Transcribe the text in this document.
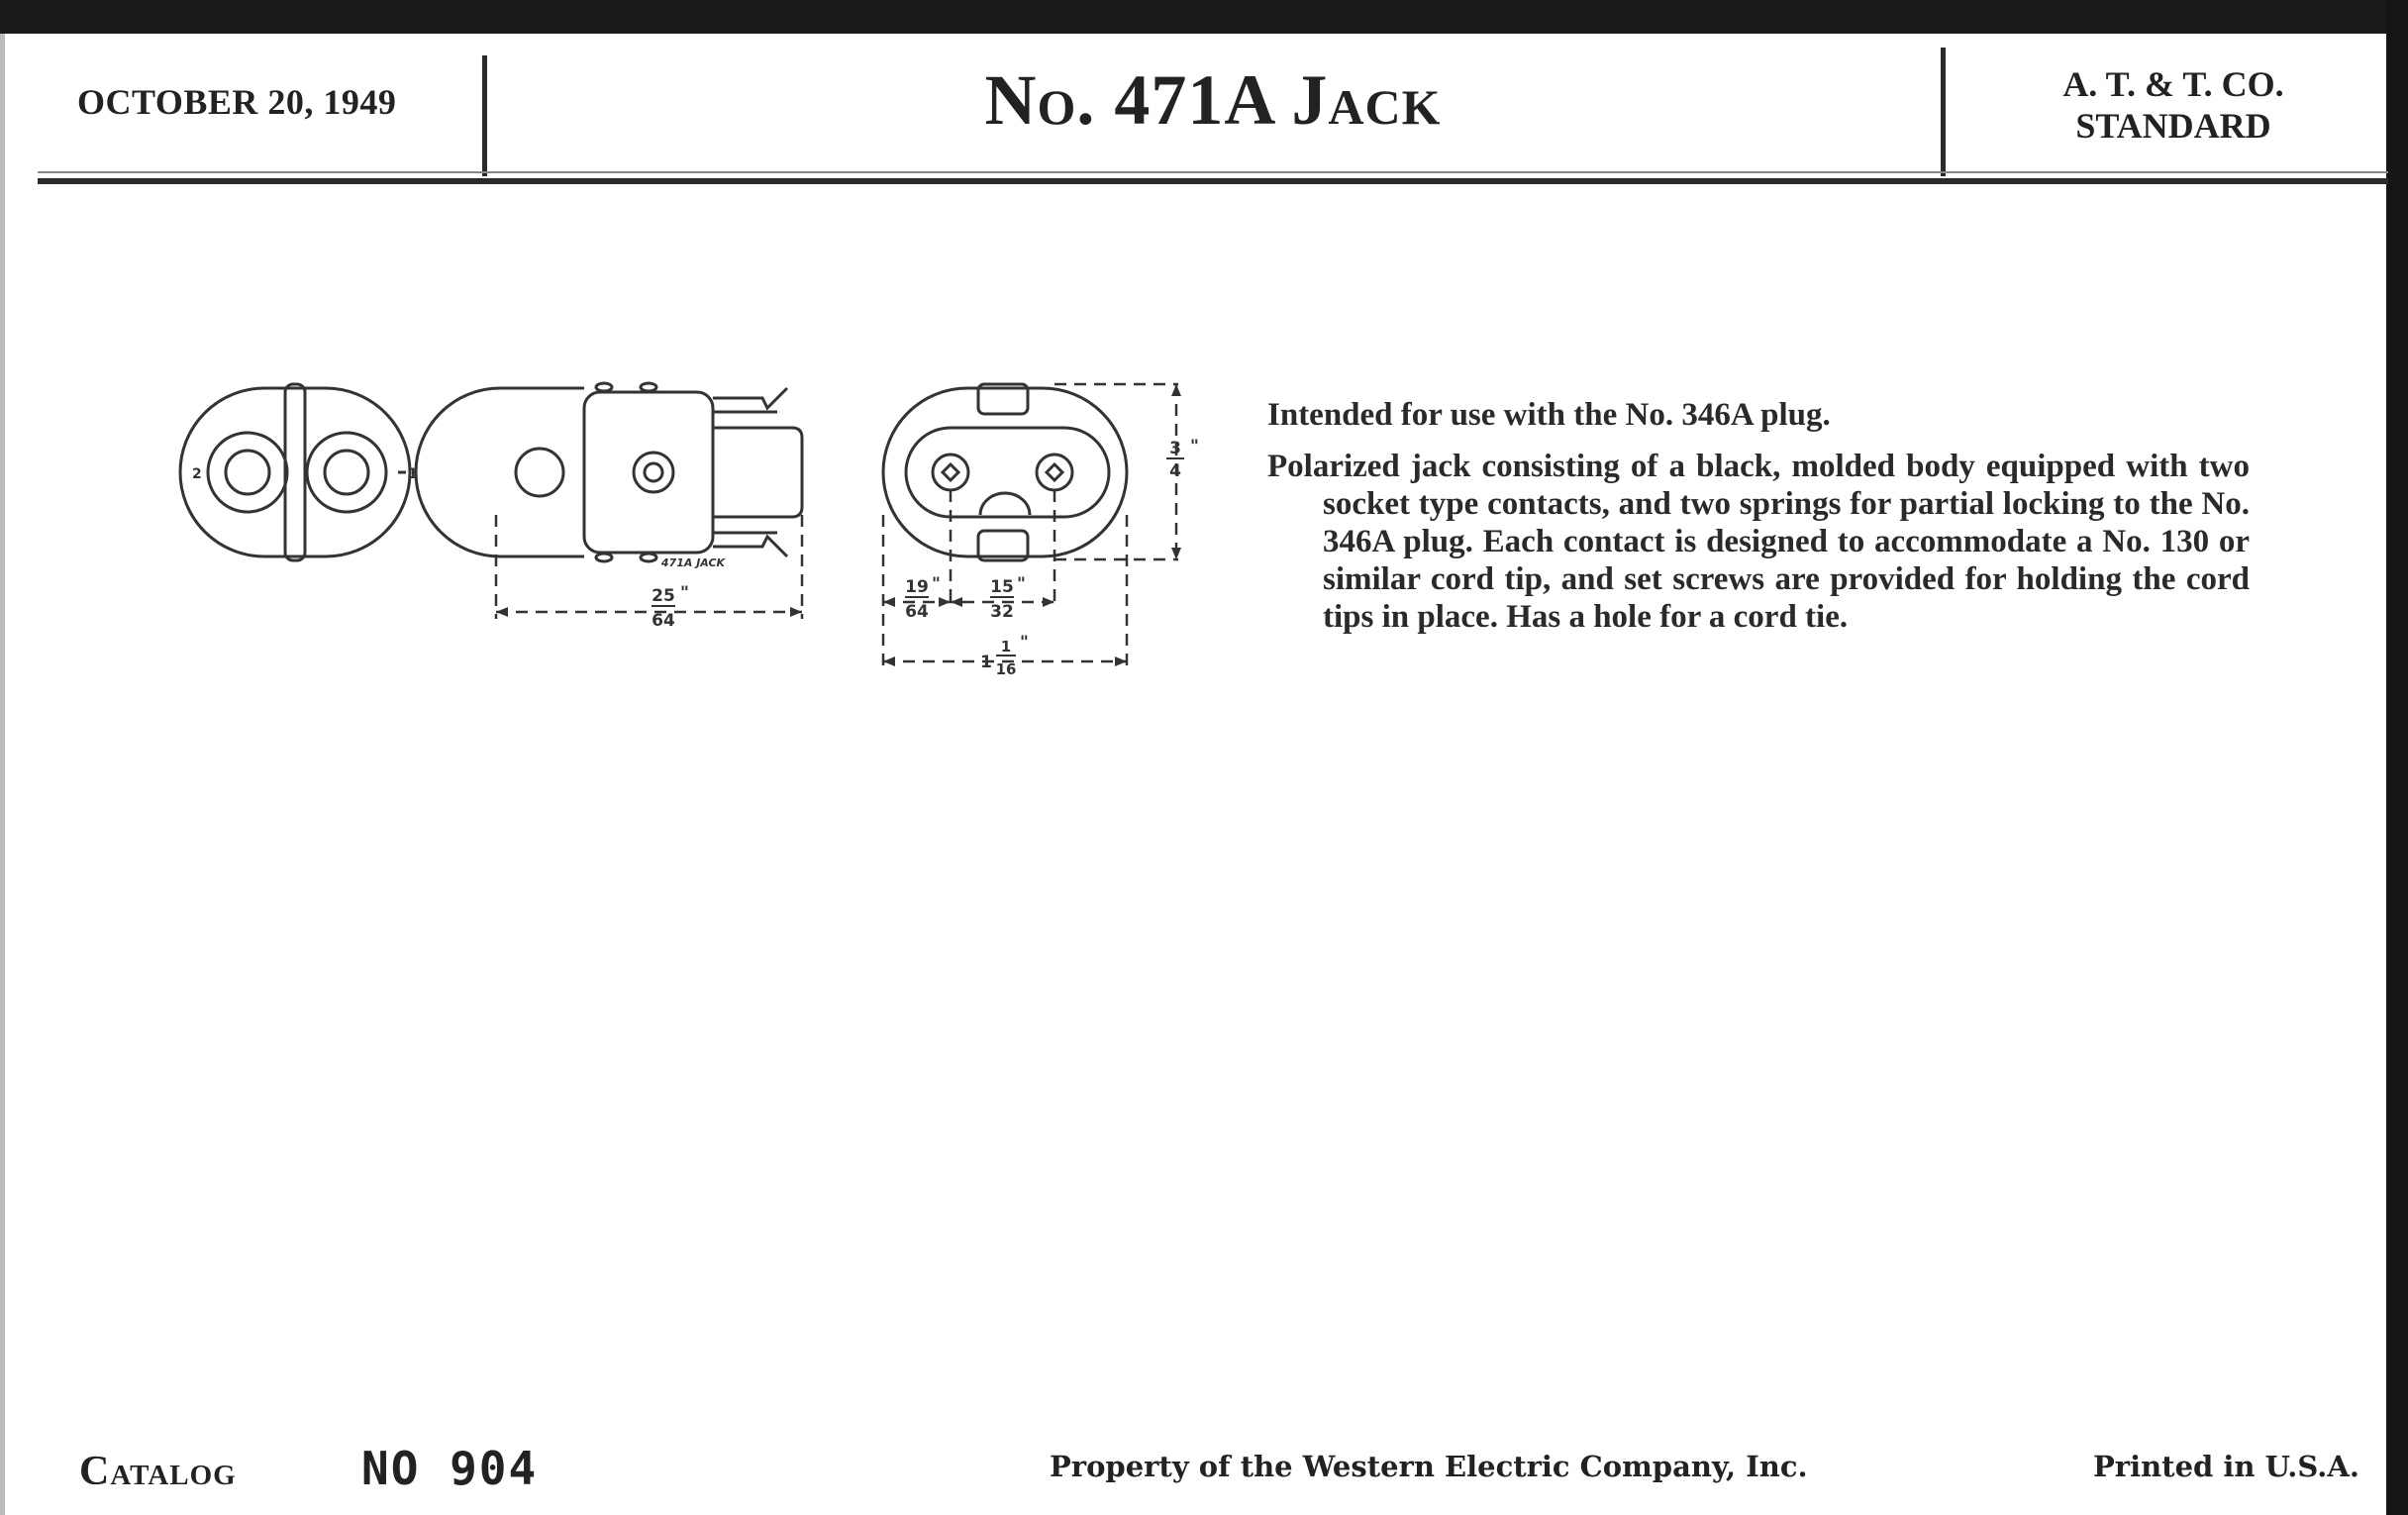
OCTOBER 20, 1949	No. 471A Jack	A. T. & T. CO.
STANDARD
2	1
471A JACK
25
64
"
3
4
"
19
64
"	15
32
"
1
1
16
"

Intended for use with the No. 346A plug.

Polarized jack consisting of a black, molded body equipped with two socket type contacts, and two springs for partial locking to the No. 346A plug. Each contact is designed to accommodate a No. 130 or similar cord tip, and set screws are provided for holding the cord tips in place. Has a hole for a cord tie.

Catalog	NO 904	Property of the Western Electric Company, Inc.	Printed in U.S.A.
